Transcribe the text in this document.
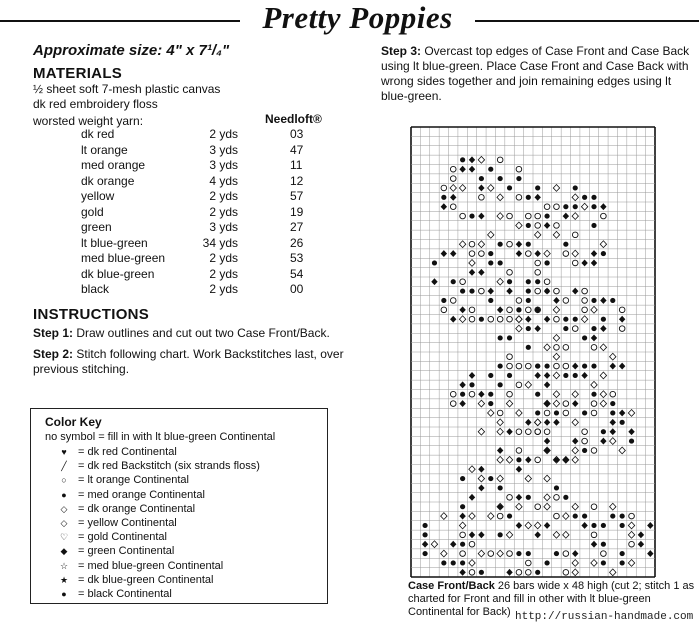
Pretty Poppies
Approximate size: 4" x 7¹/₄"
MATERIALS
½ sheet soft 7-mesh plastic canvas
dk red embroidery floss
worsted weight yarn:	Needloft®
dk red	2 yds	03
lt orange	3 yds	47
med orange	3 yds	11
dk orange	4 yds	12
yellow	2 yds	57
gold	2 yds	19
green	3 yds	27
lt blue-green	34 yds	26
med blue-green	2 yds	53
dk blue-green	2 yds	54
black	2 yds	00
INSTRUCTIONS
Step 1: Draw outlines and cut out two Case Front/Back.
Step 2: Stitch following chart. Work Backstitches last, over previous stitching.
Color Key
no symbol = fill in with lt blue-green Continental
♥ = dk red Continental
╱ = dk red Backstitch (six strands floss)
○ = lt orange Continental
● = med orange Continental
◇ = dk orange Continental
◇ = yellow Continental
♡ = gold Continental
◆ = green Continental
☆ = med blue-green Continental
★ = dk blue-green Continental
● = black Continental
Step 3: Overcast top edges of Case Front and Case Back using lt blue-green. Place Case Front and Case Back with wrong sides together and join remaining edges using lt blue-green.
Case Front/Back 26 bars wide x 48 high (cut 2; stitch 1 as charted for Front and fill in other with lt blue-green Continental for Back) http://russian-handmade.com
